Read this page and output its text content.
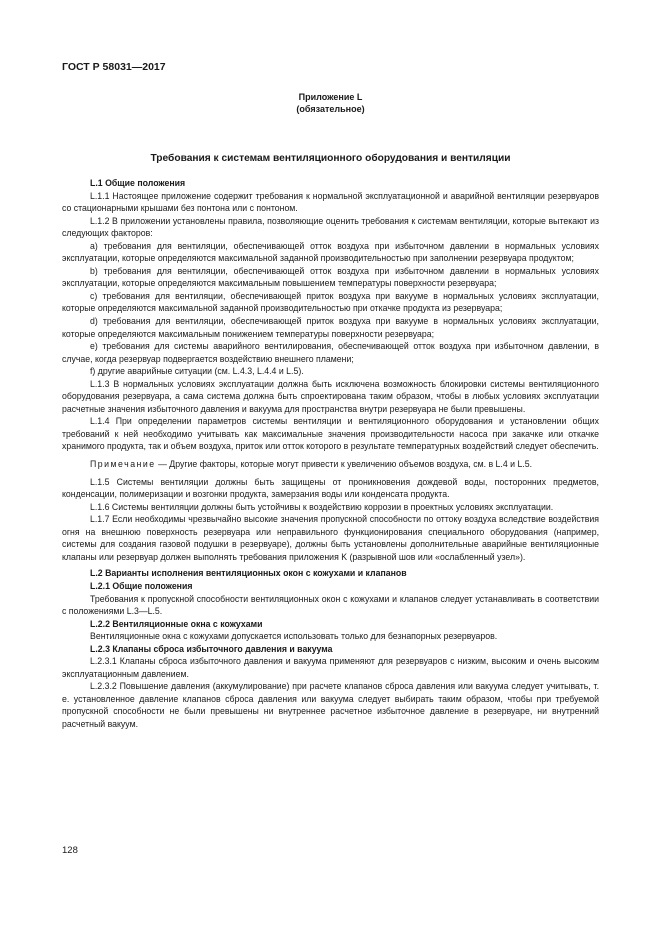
ГОСТ Р 58031—2017
Приложение L
(обязательное)
Требования к системам вентиляционного оборудования и вентиляции

L.1 Общие положения

L.1.1 Настоящее приложение содержит требования к нормальной эксплуатационной и аварийной вентиляции резервуаров со стационарными крышами без понтона или с понтоном.

L.1.2 В приложении установлены правила, позволяющие оценить требования к системам вентиляции, которые вытекают из следующих факторов:

a) требования для вентиляции, обеспечивающей отток воздуха при избыточном давлении в нормальных условиях эксплуатации, которые определяются максимальной заданной производительностью при заполнении резервуара продуктом;

b) требования для вентиляции, обеспечивающей отток воздуха при избыточном давлении в нормальных условиях эксплуатации, которые определяются максимальным повышением температуры поверхности резервуара;

c) требования для вентиляции, обеспечивающей приток воздуха при вакууме в нормальных условиях эксплуатации, которые определяются максимальной заданной производительностью при откачке продукта из резервуара;

d) требования для вентиляции, обеспечивающей приток воздуха при вакууме в нормальных условиях эксплуатации, которые определяются максимальным понижением температуры поверхности резервуара;

e) требования для системы аварийного вентилирования, обеспечивающей отток воздуха при избыточном давлении, в случае, когда резервуар подвергается воздействию внешнего пламени;

f) другие аварийные ситуации (см. L.4.3, L.4.4 и L.5).

L.1.3 В нормальных условиях эксплуатации должна быть исключена возможность блокировки системы вентиляционного оборудования резервуара, а сама система должна быть спроектирована таким образом, чтобы в любых условиях эксплуатации расчетные значения избыточного давления и вакуума для пространства внутри резервуара не были превышены.

L.1.4 При определении параметров системы вентиляции и вентиляционного оборудования и установлении общих требований к ней необходимо учитывать как максимальные значения производительности насоса при закачке или откачке хранимого продукта, так и объем воздуха, приток или отток которого в результате температурных воздействий следует обеспечить.

Примечание — Другие факторы, которые могут привести к увеличению объемов воздуха, см. в L.4 и L.5.

L.1.5 Системы вентиляции должны быть защищены от проникновения дождевой воды, посторонних предметов, конденсации, полимеризации и возгонки продукта, замерзания воды или конденсата продукта.

L.1.6 Системы вентиляции должны быть устойчивы к воздействию коррозии в проектных условиях эксплуатации.

L.1.7 Если необходимы чрезвычайно высокие значения пропускной способности по оттоку воздуха вследствие воздействия огня на внешнюю поверхность резервуара или неправильного функционирования специального оборудования (например, системы для создания газовой подушки в резервуаре), должны быть установлены дополнительные аварийные вентиляционные клапаны или резервуар должен выполнять требования приложения K (разрывной шов или «ослабленный узел»).

L.2 Варианты исполнения вентиляционных окон с кожухами и клапанов

L.2.1 Общие положения

Требования к пропускной способности вентиляционных окон с кожухами и клапанов следует устанавливать в соответствии с положениями L.3—L.5.

L.2.2 Вентиляционные окна с кожухами

Вентиляционные окна с кожухами допускается использовать только для безнапорных резервуаров.

L.2.3 Клапаны сброса избыточного давления и вакуума

L.2.3.1 Клапаны сброса избыточного давления и вакуума применяют для резервуаров с низким, высоким и очень высоким эксплуатационным давлением.

L.2.3.2 Повышение давления (аккумулирование) при расчете клапанов сброса давления или вакуума следует учитывать, т. е. установленное давление клапанов сброса давления или вакуума следует выбирать таким образом, чтобы при требуемой пропускной способности не были превышены ни внутреннее расчетное избыточное давление в резервуаре, ни внутренний расчетный вакуум.

128
